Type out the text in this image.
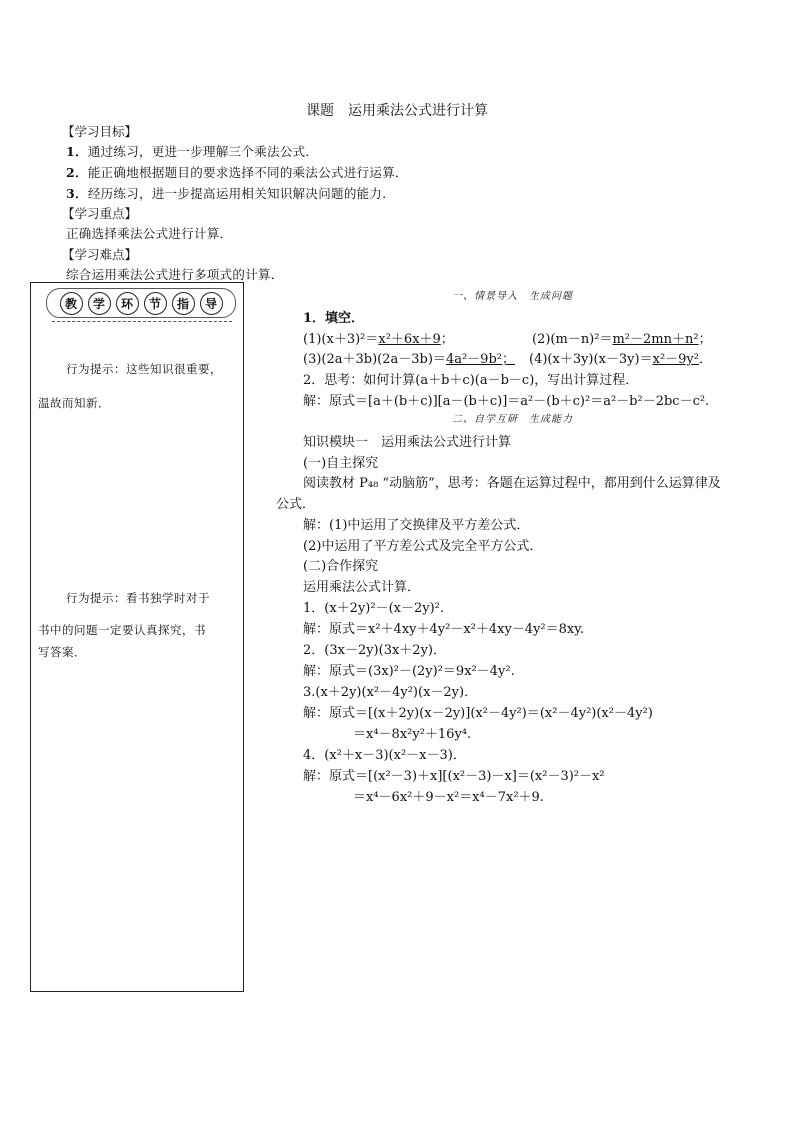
课题　运用乘法公式进行计算
【学习目标】
1．通过练习，更进一步理解三个乘法公式．
2．能正确地根据题目的要求选择不同的乘法公式进行运算．
3．经历练习，进一步提高运用相关知识解决问题的能力．
【学习重点】
正确选择乘法公式进行计算．
【学习难点】
综合运用乘法公式进行多项式的计算．
教	学	环	节	指	导
行为提示：这些知识很重要，
温故而知新．
行为提示：看书独学时对于
书中的问题一定要认真探究，书
写答案．
一、情景导入　生成问题
1．填空．
(1)(x＋3)²＝x²＋6x＋9；	(2)(m－n)²＝m²－2mn＋n²；
(3)(2a＋3b)(2a－3b)＝4a²－9b²； (4)(x＋3y)(x－3y)＝x²－9y²．
2．思考：如何计算(a＋b＋c)(a－b－c)，写出计算过程．
解：原式＝[a＋(b＋c)][a－(b＋c)]＝a²－(b＋c)²＝a²－b²－2bc－c².
二、自学互研　生成能力
知识模块一　运用乘法公式进行计算
(一)自主探究
阅读教材 P₄₈ “动脑筋”，思考：各题在运算过程中，都用到什么运算律及
公式．
解：(1)中运用了交换律及平方差公式．
(2)中运用了平方差公式及完全平方公式．
(二)合作探究
运用乘法公式计算．
1．(x＋2y)²－(x－2y)².
解：原式＝x²＋4xy＋4y²－x²＋4xy－4y²＝8xy.
2．(3x－2y)(3x＋2y)．
解：原式＝(3x)²－(2y)²＝9x²－4y².
3.(x＋2y)(x²－4y²)(x－2y)．
解：原式＝[(x＋2y)(x－2y)](x²－4y²)＝(x²－4y²)(x²－4y²)
＝x⁴－8x²y²＋16y⁴.
4．(x²＋x－3)(x²－x－3)．
解：原式＝[(x²－3)＋x][(x²－3)－x]＝(x²－3)²－x²
＝x⁴－6x²＋9－x²＝x⁴－7x²＋9.
